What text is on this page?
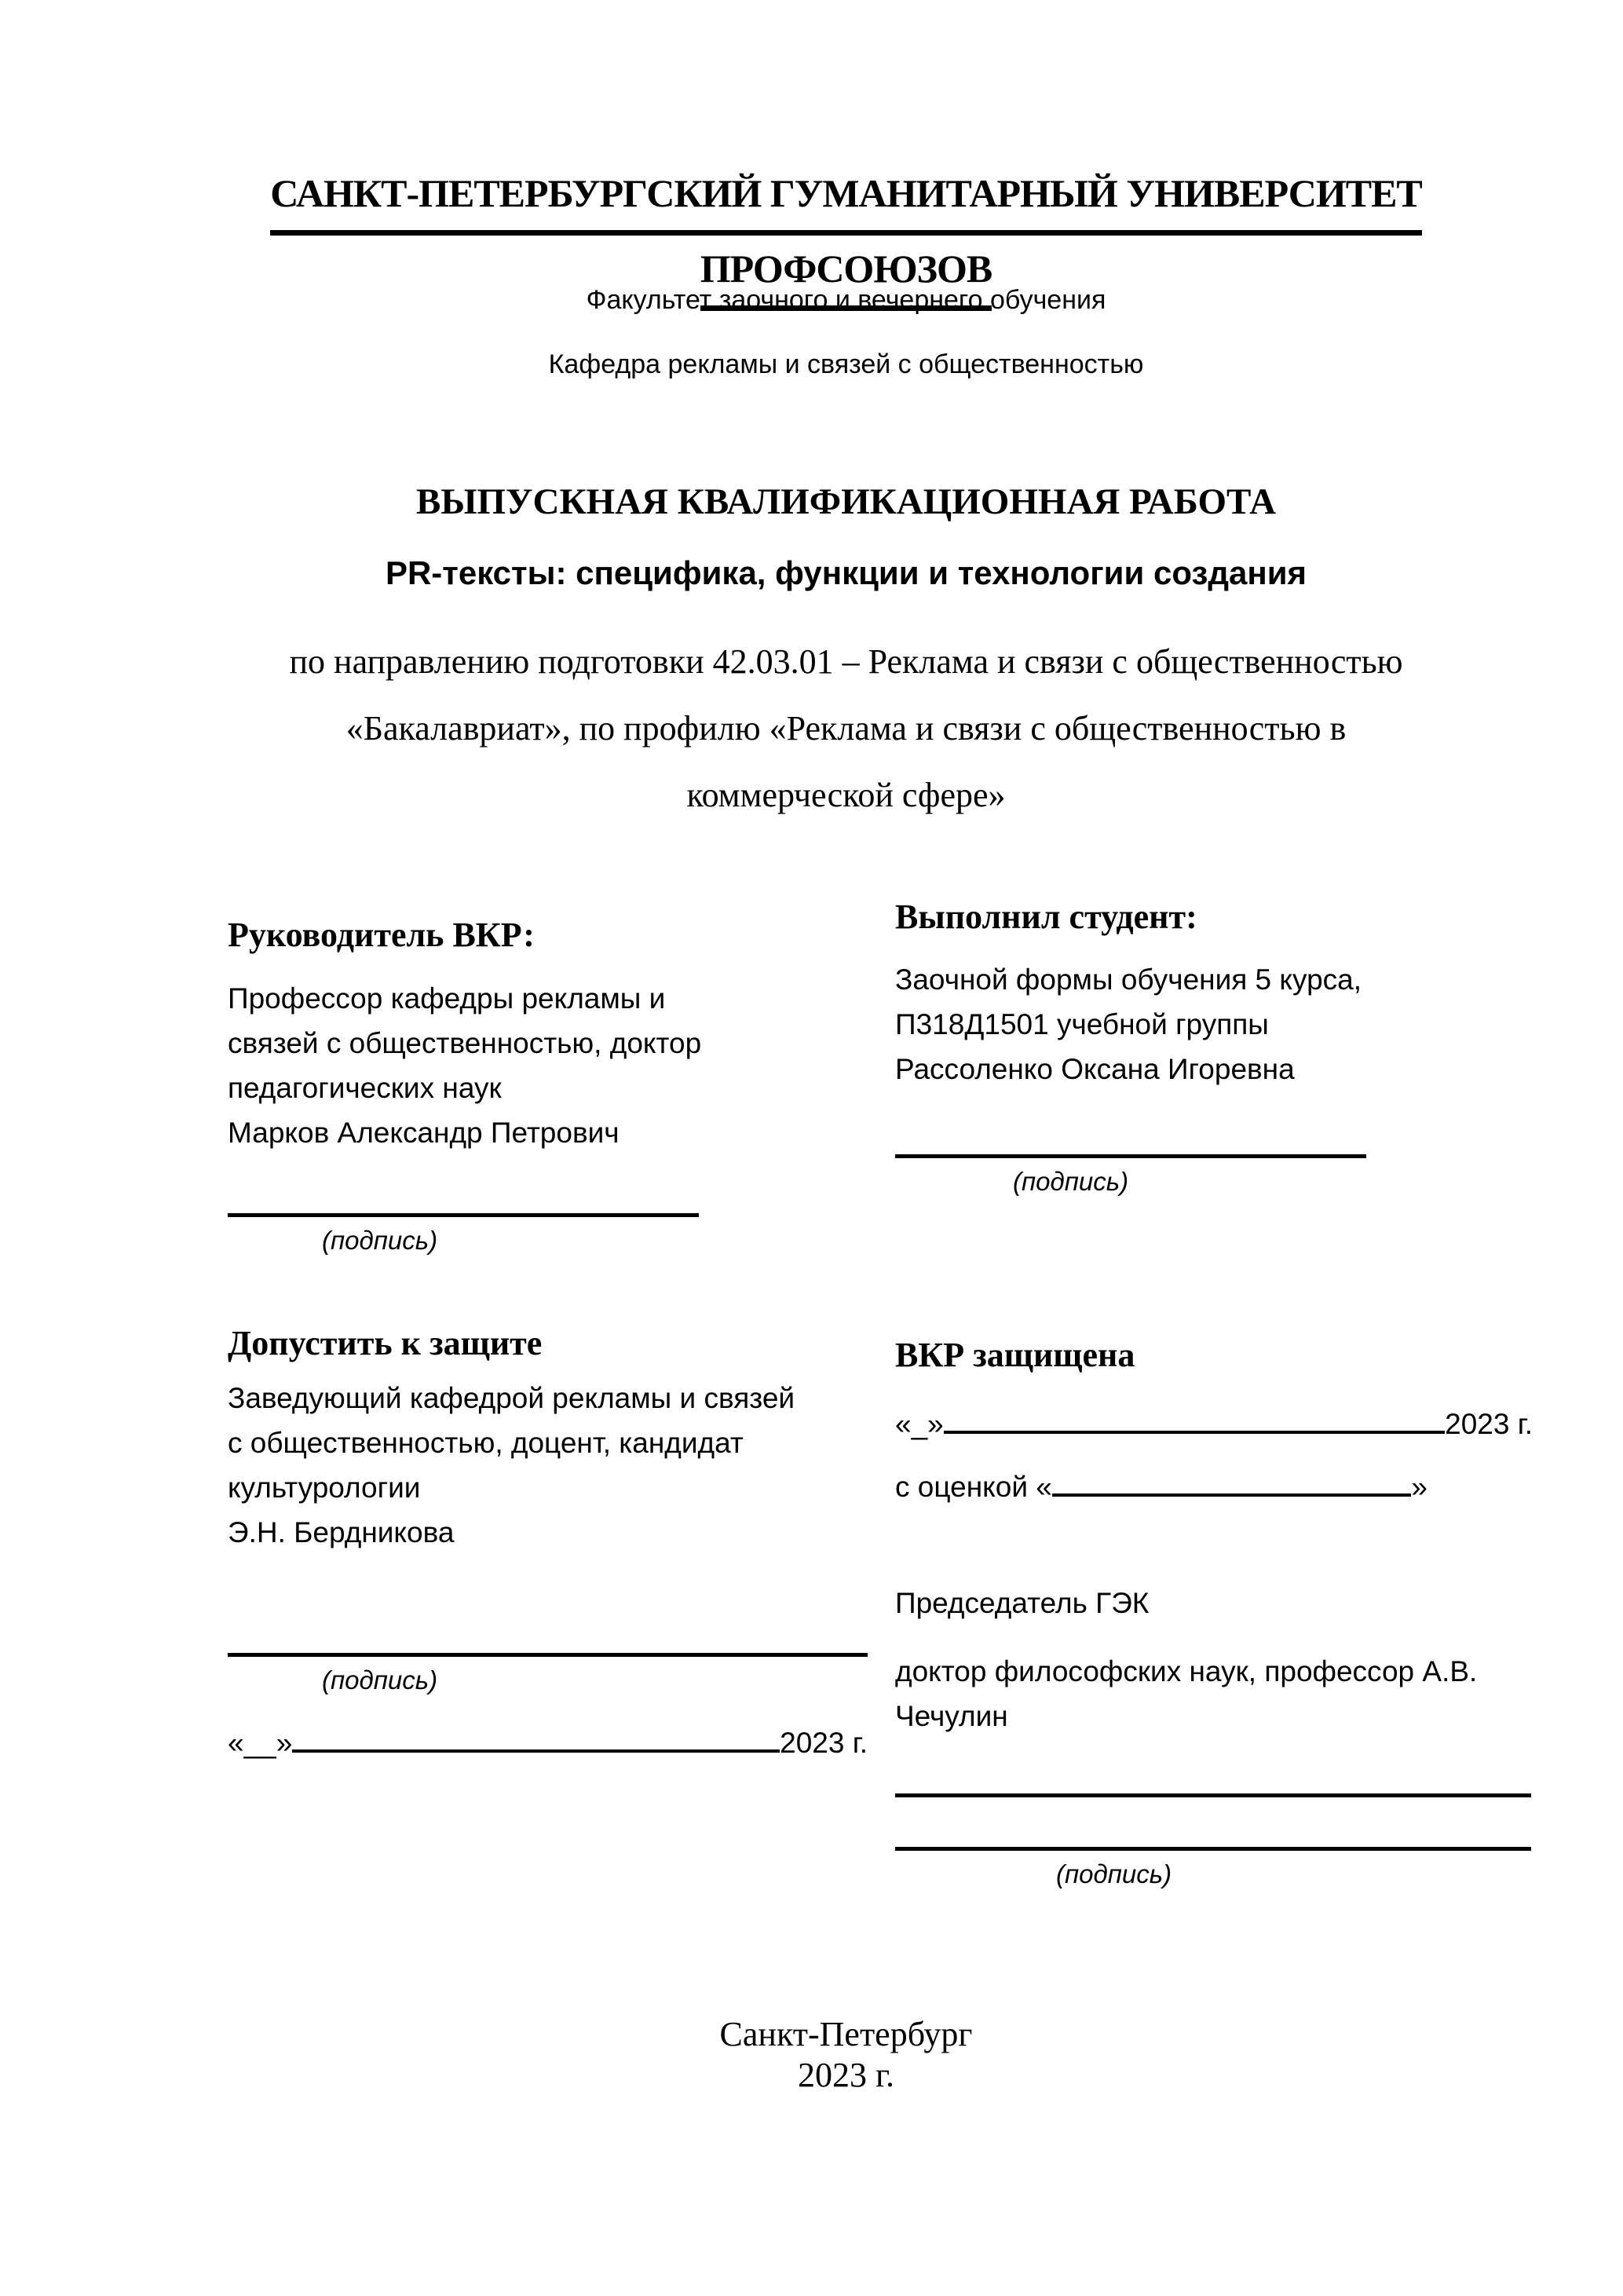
САНКТ-ПЕТЕРБУРГСКИЙ ГУМАНИТАРНЫЙ УНИВЕРСИТЕТ
ПРОФСОЮЗОВ
Факультет заочного и вечернего обучения
Кафедра рекламы и связей с общественностью
ВЫПУСКНАЯ КВАЛИФИКАЦИОННАЯ РАБОТА
PR-тексты: специфика, функции и технологии создания
по направлению подготовки 42.03.01 – Реклама и связи с общественностью
«Бакалавриат», по профилю «Реклама и связи с общественностью в
коммерческой сфере»
Руководитель ВКР:

Профессор кафедры рекламы и

связей с общественностью, доктор

педагогических наук

Марков Александр Петрович

(подпись)

Выполнил студент:

Заочной формы обучения 5 курса,

П318Д1501 учебной группы

Рассоленко Оксана Игоревна

(подпись)

Допустить к защите

Заведующий кафедрой рекламы и связей

с общественностью, доцент, кандидат

культурологии

Э.Н. Бердникова

(подпись)

«__»	2023 г.
ВКР защищена
«_»	2023 г.
с оценкой «	»

Председатель ГЭК

доктор философских наук, профессор А.В.

Чечулин

(подпись)

Санкт-Петербург
2023 г.
